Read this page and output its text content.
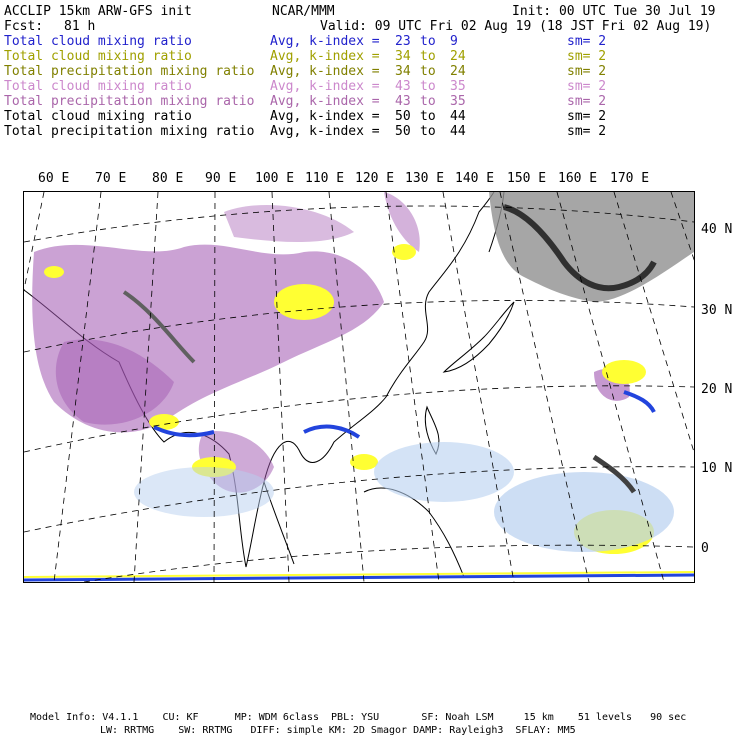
ACCLIP 15km ARW-GFS init	NCAR/MMM	Init: 00 UTC Tue 30 Jul 19
Fcst: 81 h	Valid: 09 UTC Fri 02 Aug 19 (18 JST Fri 02 Aug 19)
Total cloud mixing ratio	Avg, k-index = 23 to 9	sm= 2
Total cloud mixing ratio	Avg, k-index = 34 to 24	sm= 2
Total precipitation mixing ratio Avg, k-index = 34 to 24	sm= 2
Total cloud mixing ratio	Avg, k-index = 43 to 35	sm= 2
Total precipitation mixing ratio Avg, k-index = 43 to 35	sm= 2
Total cloud mixing ratio	Avg, k-index = 50 to 44	sm= 2
Total precipitation mixing ratio Avg, k-index = 50 to 44	sm= 2
60 E 70 E 80 E 90 E 100 E 110 E 120 E 130 E 140 E 150 E 160 E 170 E
40 N
30 N
20 N
10 N
0
Model Info: V4.1.1    CU: KF      MP: WDM 6class  PBL: YSU       SF: Noah LSM     15 km    51 levels   90 sec
LW: RRTMG    SW: RRTMG   DIFF: simple KM: 2D Smagor DAMP: Rayleigh3  SFLAY: MM5
